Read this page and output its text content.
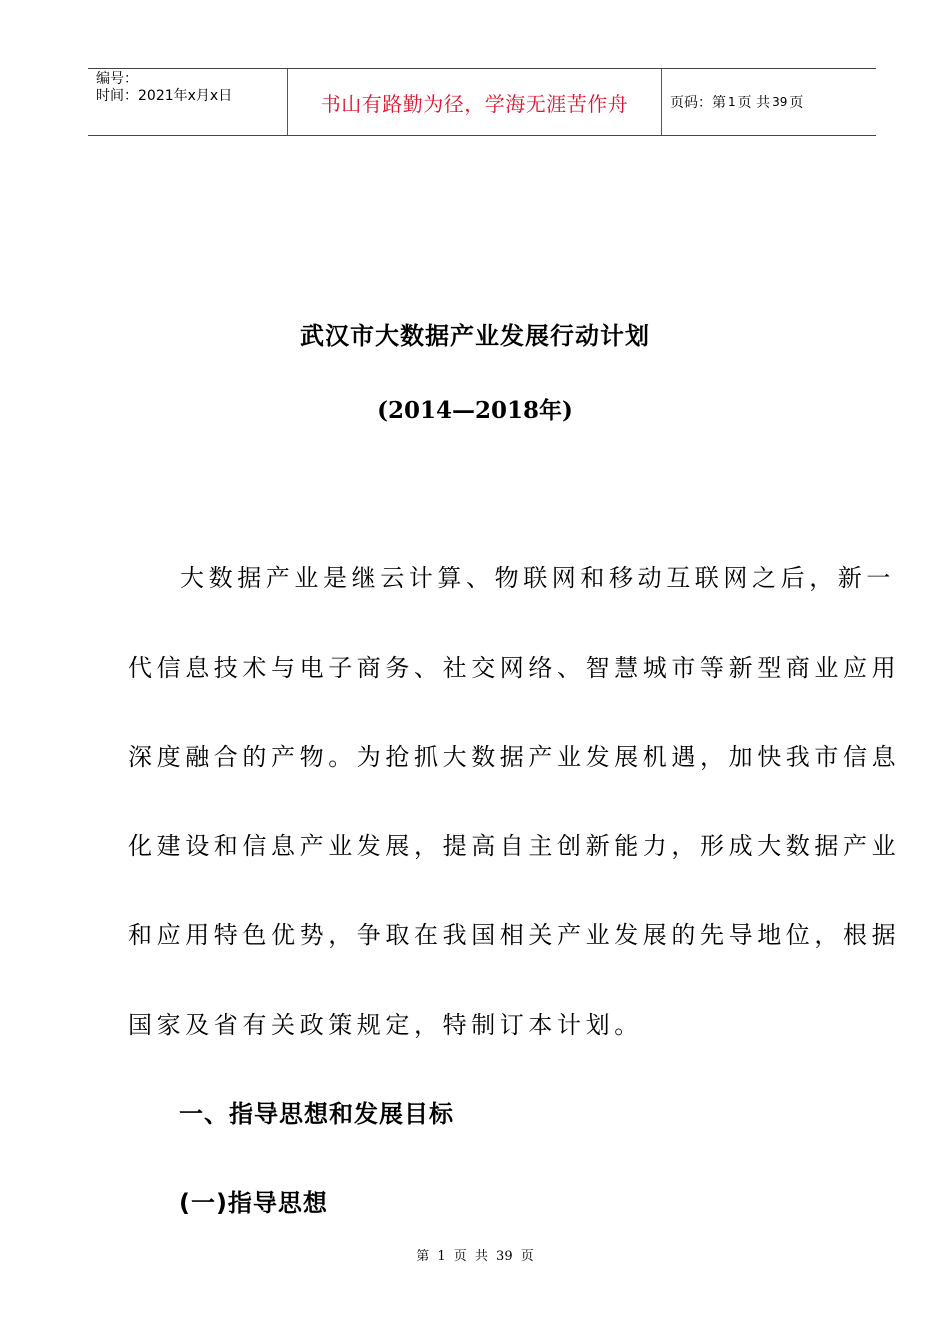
编号：
时间：2021年x月x日	书山有路勤为径，学海无涯苦作舟	页码：第 1 页 共 39 页
武汉市大数据产业发展行动计划
(2014—2018年)
大数据产业是继云计算、物联网和移动互联网之后，新一
代信息技术与电子商务、社交网络、智慧城市等新型商业应用
深度融合的产物。为抢抓大数据产业发展机遇，加快我市信息
化建设和信息产业发展，提高自主创新能力，形成大数据产业
和应用特色优势，争取在我国相关产业发展的先导地位，根据
国家及省有关政策规定，特制订本计划。
一、指导思想和发展目标
(一)指导思想
第 1 页 共 39 页
